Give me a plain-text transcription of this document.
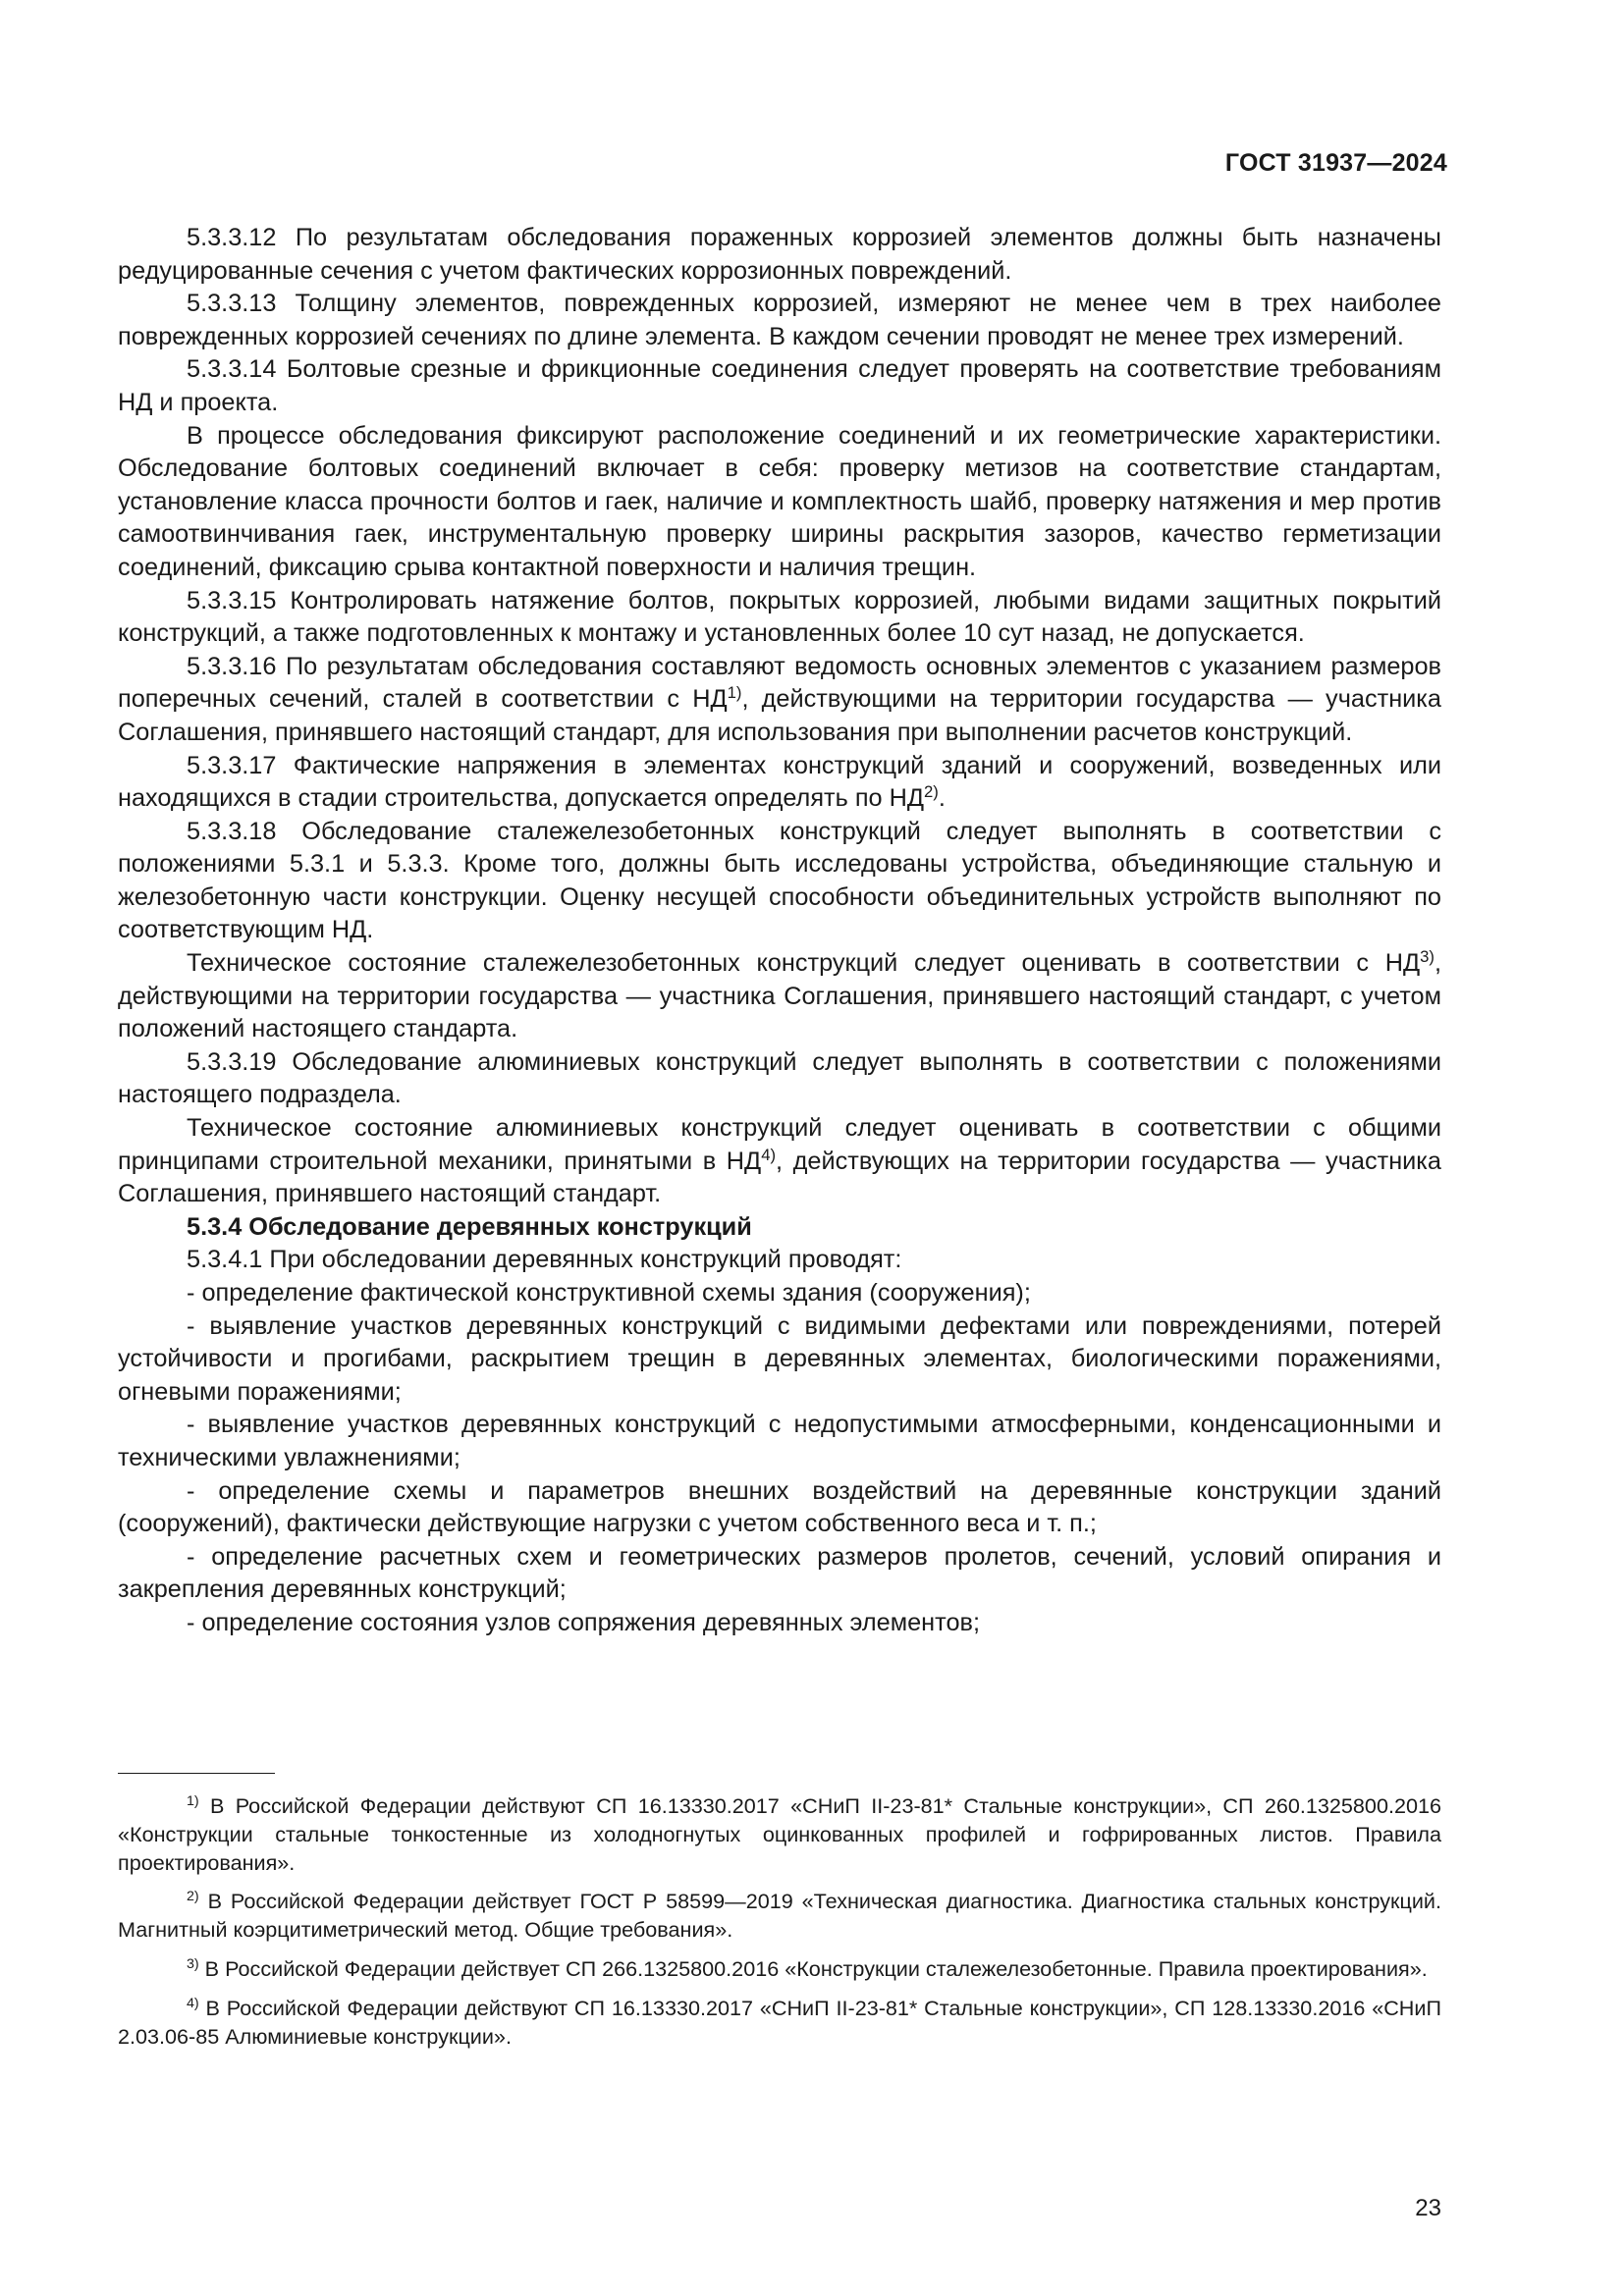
ГОСТ 31937—2024

5.3.3.12 По результатам обследования пораженных коррозией элементов должны быть назначены редуцированные сечения с учетом фактических коррозионных повреждений.

5.3.3.13 Толщину элементов, поврежденных коррозией, измеряют не менее чем в трех наиболее поврежденных коррозией сечениях по длине элемента. В каждом сечении проводят не менее трех измерений.

5.3.3.14 Болтовые срезные и фрикционные соединения следует проверять на соответствие требованиям НД и проекта.

В процессе обследования фиксируют расположение соединений и их геометрические характеристики. Обследование болтовых соединений включает в себя: проверку метизов на соответствие стандартам, установление класса прочности болтов и гаек, наличие и комплектность шайб, проверку натяжения и мер против самоотвинчивания гаек, инструментальную проверку ширины раскрытия зазоров, качество герметизации соединений, фиксацию срыва контактной поверхности и наличия трещин.

5.3.3.15 Контролировать натяжение болтов, покрытых коррозией, любыми видами защитных покрытий конструкций, а также подготовленных к монтажу и установленных более 10 сут назад, не допускается.

5.3.3.16 По результатам обследования составляют ведомость основных элементов с указанием размеров поперечных сечений, сталей в соответствии с НД$^{1)}$, действующими на территории государства — участника Соглашения, принявшего настоящий стандарт, для использования при выполнении расчетов конструкций.

5.3.3.17 Фактические напряжения в элементах конструкций зданий и сооружений, возведенных или находящихся в стадии строительства, допускается определять по НД$^{2)}$.

5.3.3.18 Обследование сталежелезобетонных конструкций следует выполнять в соответствии с положениями 5.3.1 и 5.3.3. Кроме того, должны быть исследованы устройства, объединяющие стальную и железобетонную части конструкции. Оценку несущей способности объединительных устройств выполняют по соответствующим НД.

Техническое состояние сталежелезобетонных конструкций следует оценивать в соответствии с НД$^{3)}$, действующими на территории государства — участника Соглашения, принявшего настоящий стандарт, с учетом положений настоящего стандарта.

5.3.3.19 Обследование алюминиевых конструкций следует выполнять в соответствии с положениями настоящего подраздела.

Техническое состояние алюминиевых конструкций следует оценивать в соответствии с общими принципами строительной механики, принятыми в НД$^{4)}$, действующих на территории государства — участника Соглашения, принявшего настоящий стандарт.

5.3.4 Обследование деревянных конструкций

5.3.4.1 При обследовании деревянных конструкций проводят:

- определение фактической конструктивной схемы здания (сооружения);

- выявление участков деревянных конструкций с видимыми дефектами или повреждениями, потерей устойчивости и прогибами, раскрытием трещин в деревянных элементах, биологическими поражениями, огневыми поражениями;

- выявление участков деревянных конструкций с недопустимыми атмосферными, конденсационными и техническими увлажнениями;

- определение схемы и параметров внешних воздействий на деревянные конструкции зданий (сооружений), фактически действующие нагрузки с учетом собственного веса и т. п.;

- определение расчетных схем и геометрических размеров пролетов, сечений, условий опирания и закрепления деревянных конструкций;

- определение состояния узлов сопряжения деревянных элементов;

$^{1)}$ В Российской Федерации действуют СП 16.13330.2017 «СНиП II-23-81* Стальные конструкции», СП 260.1325800.2016 «Конструкции стальные тонкостенные из холодногнутых оцинкованных профилей и гофрированных листов. Правила проектирования».

$^{2)}$ В Российской Федерации действует ГОСТ Р 58599—2019 «Техническая диагностика. Диагностика стальных конструкций. Магнитный коэрцитиметрический метод. Общие требования».

$^{3)}$ В Российской Федерации действует СП 266.1325800.2016 «Конструкции сталежелезобетонные. Правила проектирования».

$^{4)}$ В Российской Федерации действуют СП 16.13330.2017 «СНиП II-23-81* Стальные конструкции», СП 128.13330.2016 «СНиП 2.03.06-85 Алюминиевые конструкции».

23
